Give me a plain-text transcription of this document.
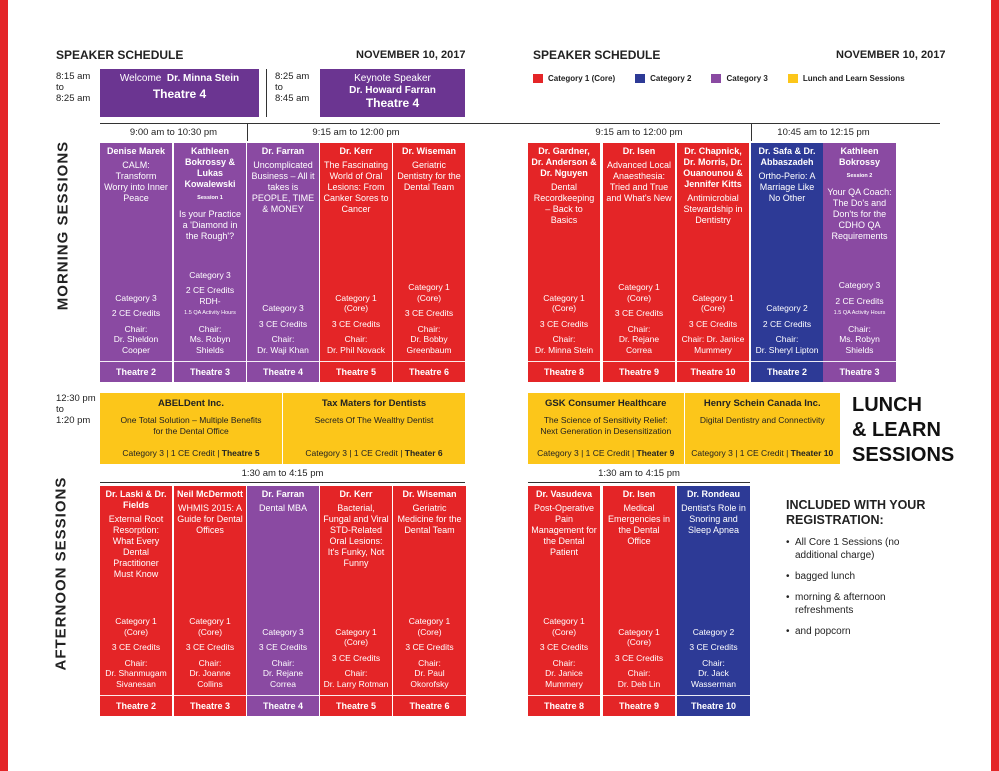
SPEAKER SCHEDULE	NOVEMBER 10, 2017	SPEAKER SCHEDULE	NOVEMBER 10, 2017
8:15 am
to
8:25 am
Welcome Dr. Minna Stein
Theatre 4
8:25 am
to
8:45 am
Keynote Speaker
Dr. Howard Farran
Theatre 4
Category 1 (Core)	Category 2	Category 3	Lunch and Learn Sessions
9:00 am to 10:30 pm	9:15 am to 12:00 pm	9:15 am to 12:00 pm	10:45 am to 12:15 pm
MORNING SESSIONS	Denise Marek
CALM: Transform Worry into Inner Peace
Category 3
2 CE Credits
Chair:
Dr. Sheldon Cooper
Theatre 2
Kathleen Bokrossy & Lukas Kowalewski
Session 1
Is your Practice a 'Diamond in the Rough'?
Category 3
2 CE Credits RDH-
1.5 QA Activity Hours
Chair:
Ms. Robyn Shields
Theatre 3
Dr. Farran
Uncomplicated Business – All it takes is PEOPLE, TIME & MONEY
Category 3
3 CE Credits
Chair:
Dr. Waji Khan
Theatre 4
Dr. Kerr
The Fascinating World of Oral Lesions: From Canker Sores to Cancer
Category 1 (Core)
3 CE Credits
Chair:
Dr. Phil Novack
Theatre 5
Dr. Wiseman
Geriatric Dentistry for the Dental Team
Category 1 (Core)
3 CE Credits
Chair:
Dr. Bobby Greenbaum
Theatre 6
Dr. Gardner, Dr. Anderson & Dr. Nguyen
Dental Recordkeeping – Back to Basics
Category 1 (Core)
3 CE Credits
Chair:
Dr. Minna Stein
Theatre 8
Dr. Isen
Advanced Local Anaesthesia: Tried and True and What's New
Category 1 (Core)
3 CE Credits
Chair:
Dr. Rejane Correa
Theatre 9
Dr. Chapnick, Dr. Morris, Dr. Ouanounou & Jennifer Kitts
Antimicrobial Stewardship in Dentistry
Category 1 (Core)
3 CE Credits
Chair: Dr. Janice
Mummery
Theatre 10
Dr. Safa & Dr. Abbaszadeh
Ortho-Perio: A Marriage Like No Other
Category 2
2 CE Credits
Chair:
Dr. Sheryl Lipton
Theatre 2
Kathleen Bokrossy
Session 2
Your QA Coach: The Do's and Don'ts for the CDHO QA Requirements
Category 3
2 CE Credits
1.5 QA Activity Hours
Chair:
Ms. Robyn Shields
Theatre 3
12:30 pm
to
1:20 pm
ABELDent Inc.
One Total Solution – Multiple Benefits for the Dental Office
Category 3 | 1 CE Credit | Theatre 5
Tax Maters for Dentists
Secrets Of The Wealthy Dentist
Category 3 | 1 CE Credit | Theater 6
GSK Consumer Healthcare
The Science of Sensitivity Relief: Next Generation in Desensitization
Category 3 | 1 CE Credit | Theater 9
Henry Schein Canada Inc.
Digital Dentistry and Connectivity
Category 3 | 1 CE Credit | Theater 10
LUNCH
& LEARN
SESSIONS
1:30 am to 4:15 pm	1:30 am to 4:15 pm
AFTERNOON SESSIONS	Dr. Laski & Dr. Fields
External Root Resorption: What Every Dental Practitioner Must Know
Category 1 (Core)
3 CE Credits
Chair:
Dr. Shanmugam Sivanesan
Theatre 2
Neil McDermott
WHMIS 2015: A Guide for Dental Offices
Category 1 (Core)
3 CE Credits
Chair:
Dr. Joanne Collins
Theatre 3
Dr. Farran
Dental MBA
Category 3
3 CE Credits
Chair:
Dr. Rejane Correa
Theatre 4
Dr. Kerr
Bacterial, Fungal and Viral STD-Related Oral Lesions: It's Funky, Not Funny
Category 1 (Core)
3 CE Credits
Chair:
Dr. Larry Rotman
Theatre 5
Dr. Wiseman
Geriatric Medicine for the Dental Team
Category 1 (Core)
3 CE Credits
Chair:
Dr. Paul Okorofsky
Theatre 6
Dr. Vasudeva
Post-Operative Pain Management for the Dental Patient
Category 1 (Core)
3 CE Credits
Chair:
Dr. Janice Mummery
Theatre 8
Dr. Isen
Medical Emergencies in the Dental Office
Category 1 (Core)
3 CE Credits
Chair:
Dr. Deb Lin
Theatre 9
Dr. Rondeau
Dentist's Role in Snoring and Sleep Apnea
Category 2
3 CE Credits
Chair:
Dr. Jack Wasserman
Theatre 10
INCLUDED WITH YOUR REGISTRATION:
• All Core 1 Sessions (no additional charge)
• bagged lunch
• morning & afternoon refreshments
• and popcorn
